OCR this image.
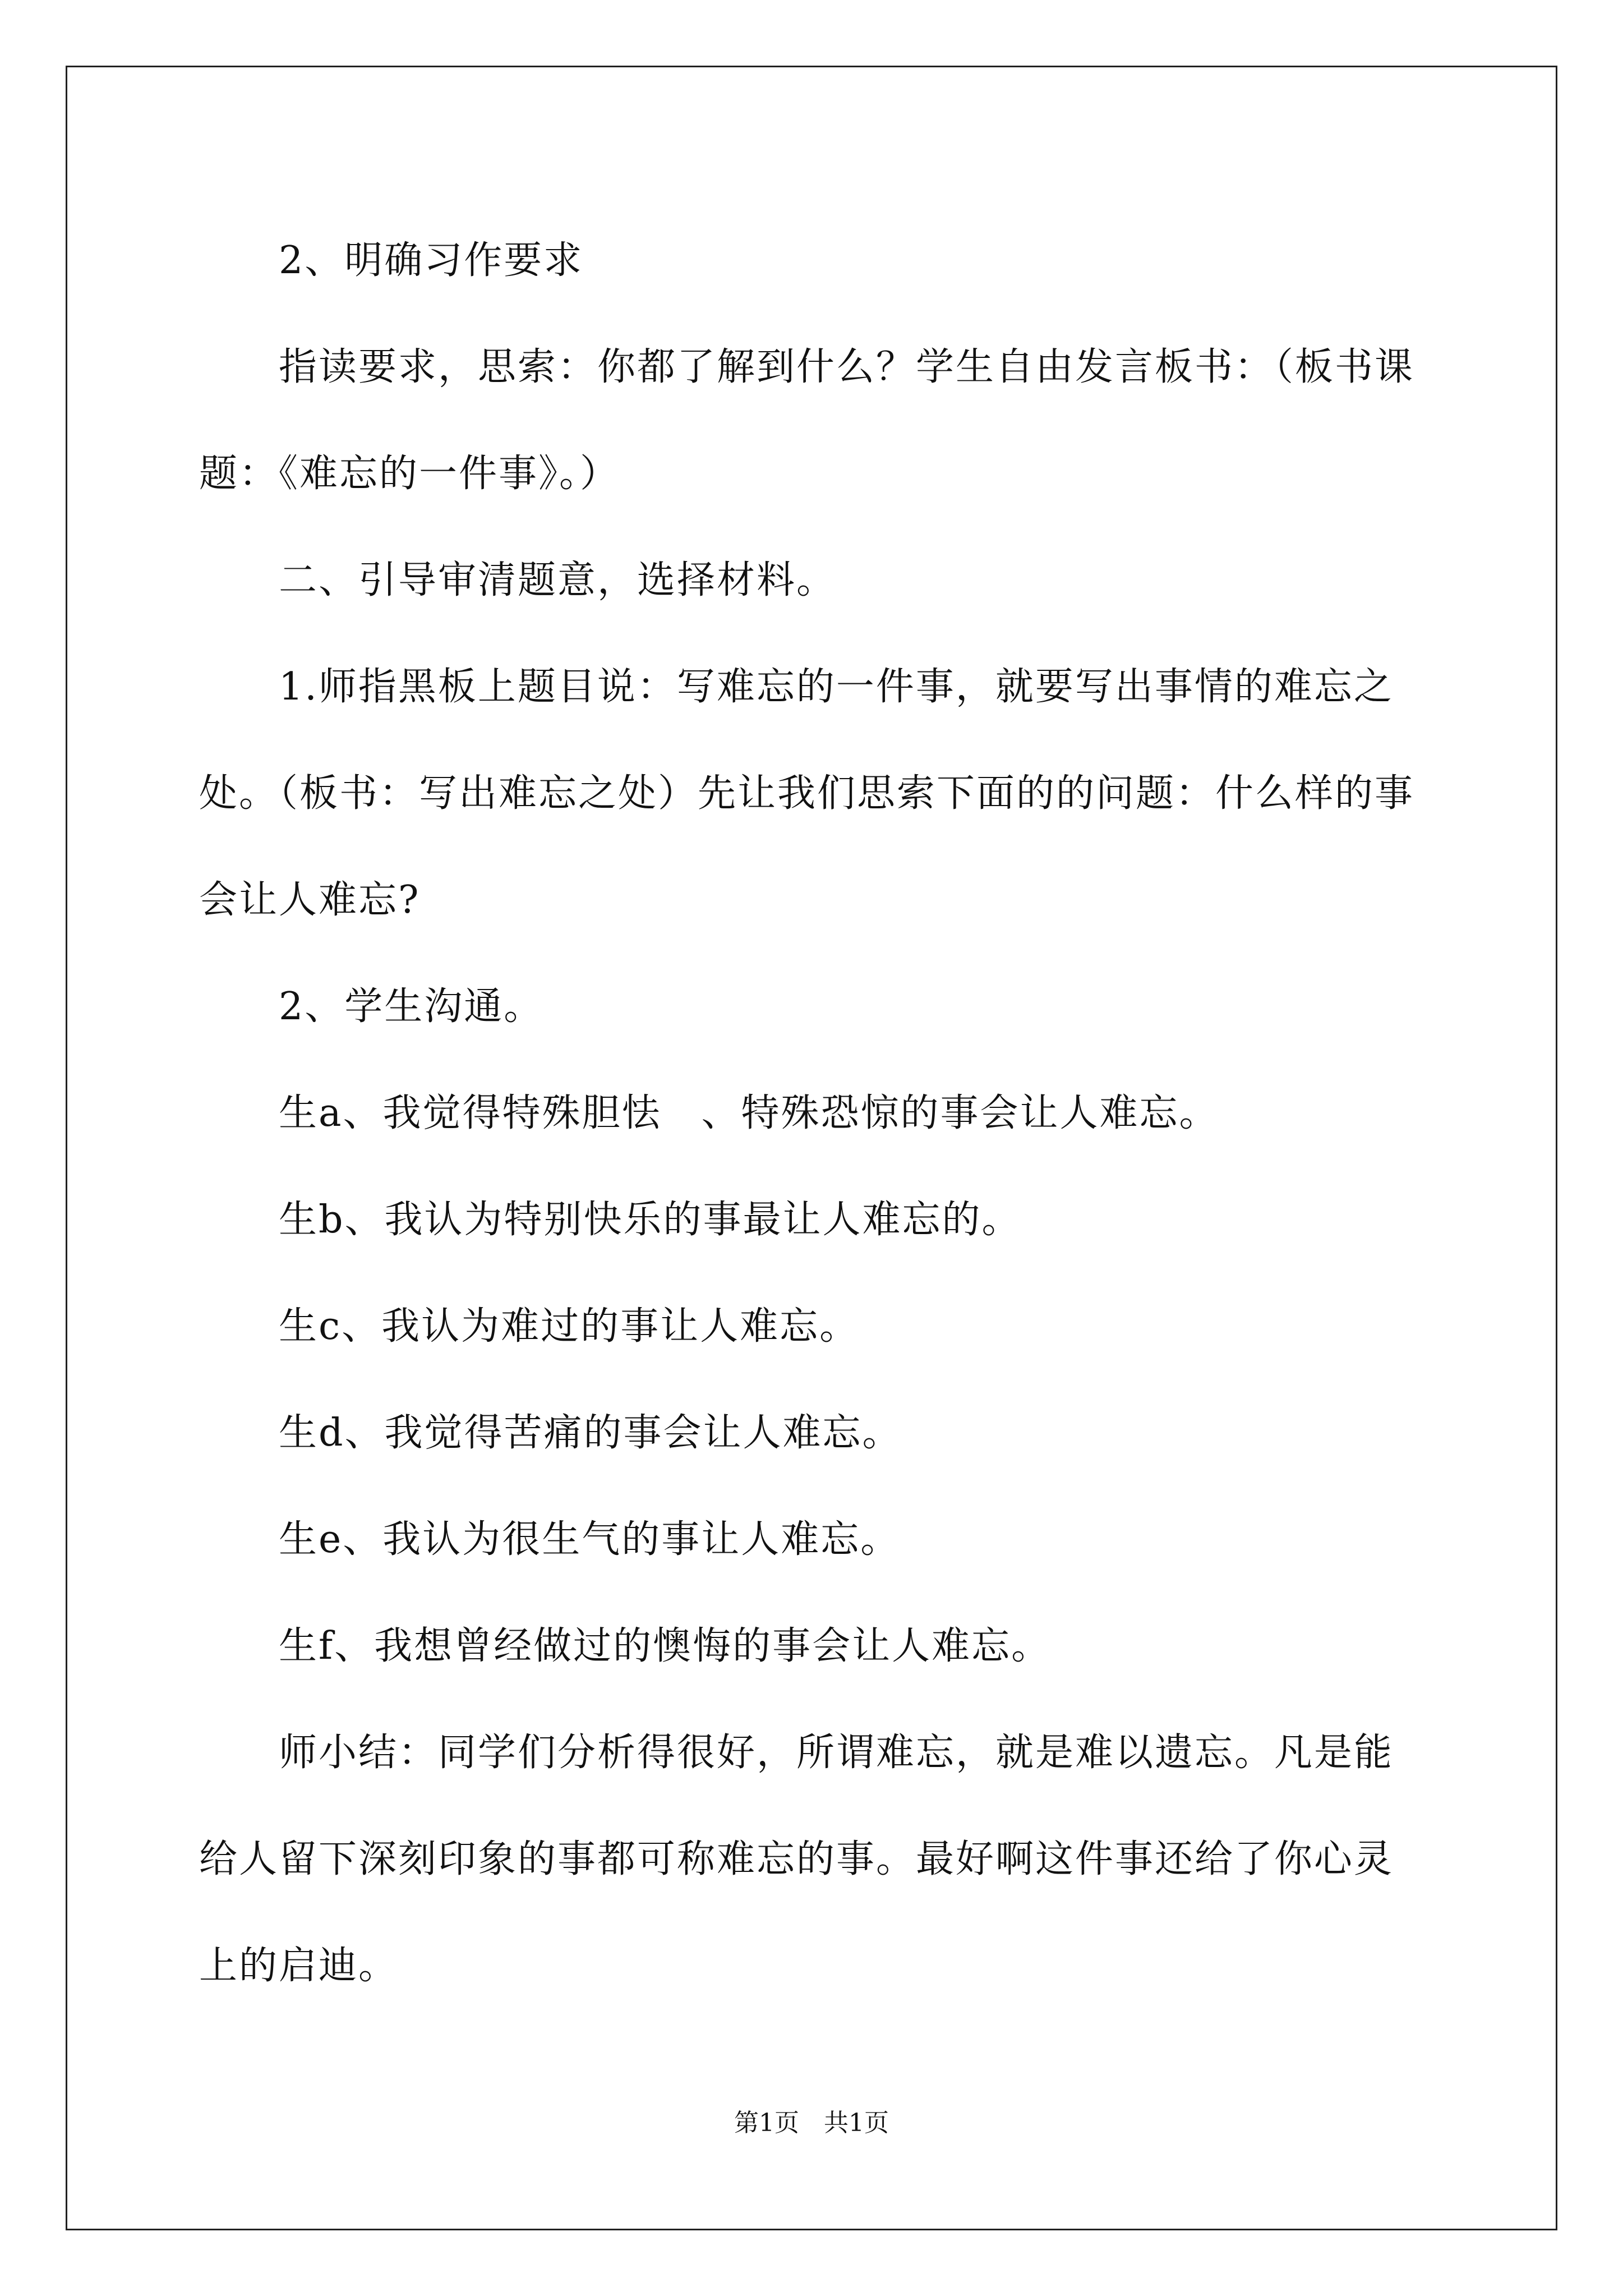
　　2、明确习作要求

　　指读要求，思索：你都了解到什么？学生自由发言板书：（板书课题：《难忘的一件事》。）

　　二、引导审清题意，选择材料。

　　1.师指黑板上题目说：写难忘的一件事，就要写出事情的难忘之处。（板书：写出难忘之处）先让我们思索下面的的问题：什么样的事会让人难忘?

　　2、学生沟通。

　　生a、我觉得特殊胆怯　、特殊恐惊的事会让人难忘。

　　生b、我认为特别快乐的事最让人难忘的。

　　生c、我认为难过的事让人难忘。

　　生d、我觉得苦痛的事会让人难忘。

　　生e、我认为很生气的事让人难忘。

　　生f、我想曾经做过的懊悔的事会让人难忘。

　　师小结：同学们分析得很好，所谓难忘，就是难以遗忘。凡是能给人留下深刻印象的事都可称难忘的事。最好啊这件事还给了你心灵上的启迪。

第1页　共1页
